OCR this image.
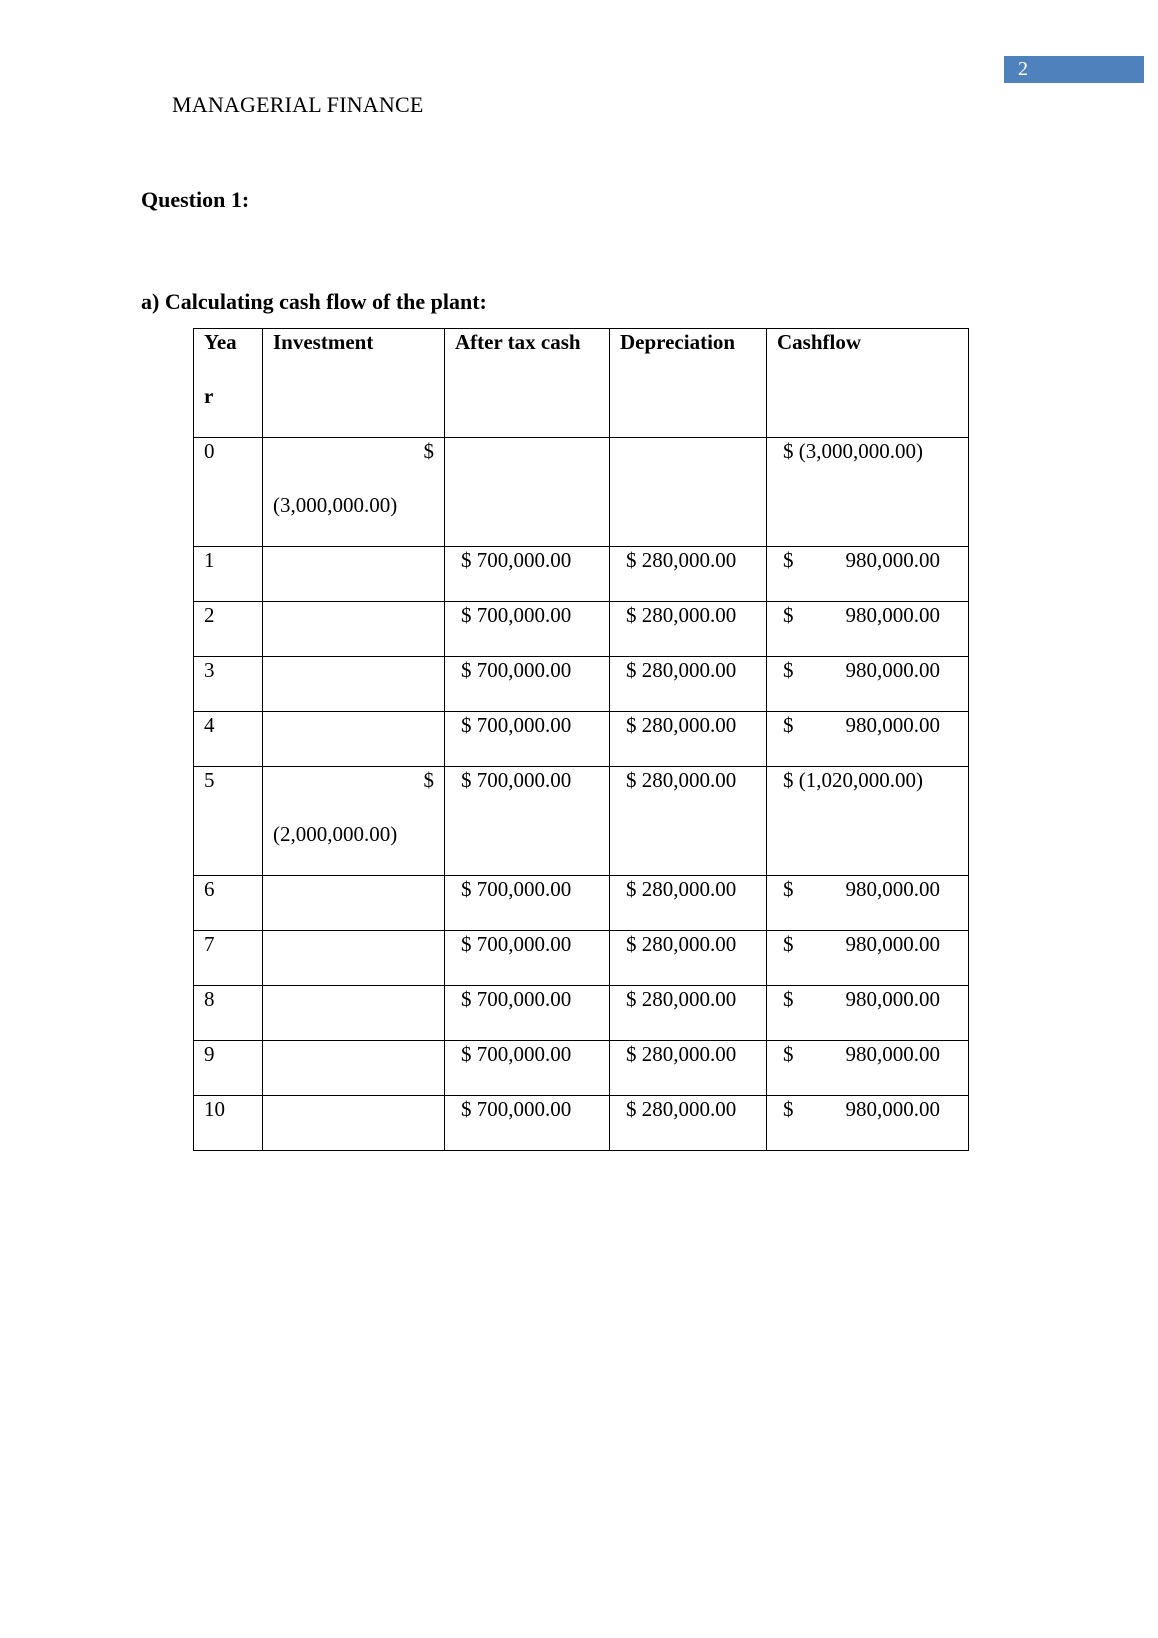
2
MANAGERIAL FINANCE
Question 1:
a) Calculating cash flow of the plant:
Yea
r	Investment	After tax cash	Depreciation	Cashflow

0	$
(3,000,000.00)			$ (3,000,000.00)

1		$ 700,000.00	$ 280,000.00	$ 980,000.00

2		$ 700,000.00	$ 280,000.00	$ 980,000.00

3		$ 700,000.00	$ 280,000.00	$ 980,000.00

4		$ 700,000.00	$ 280,000.00	$ 980,000.00

5	$
(2,000,000.00)	$ 700,000.00	$ 280,000.00	$ (1,020,000.00)

6		$ 700,000.00	$ 280,000.00	$ 980,000.00

7		$ 700,000.00	$ 280,000.00	$ 980,000.00

8		$ 700,000.00	$ 280,000.00	$ 980,000.00

9		$ 700,000.00	$ 280,000.00	$ 980,000.00

10		$ 700,000.00	$ 280,000.00	$ 980,000.00
